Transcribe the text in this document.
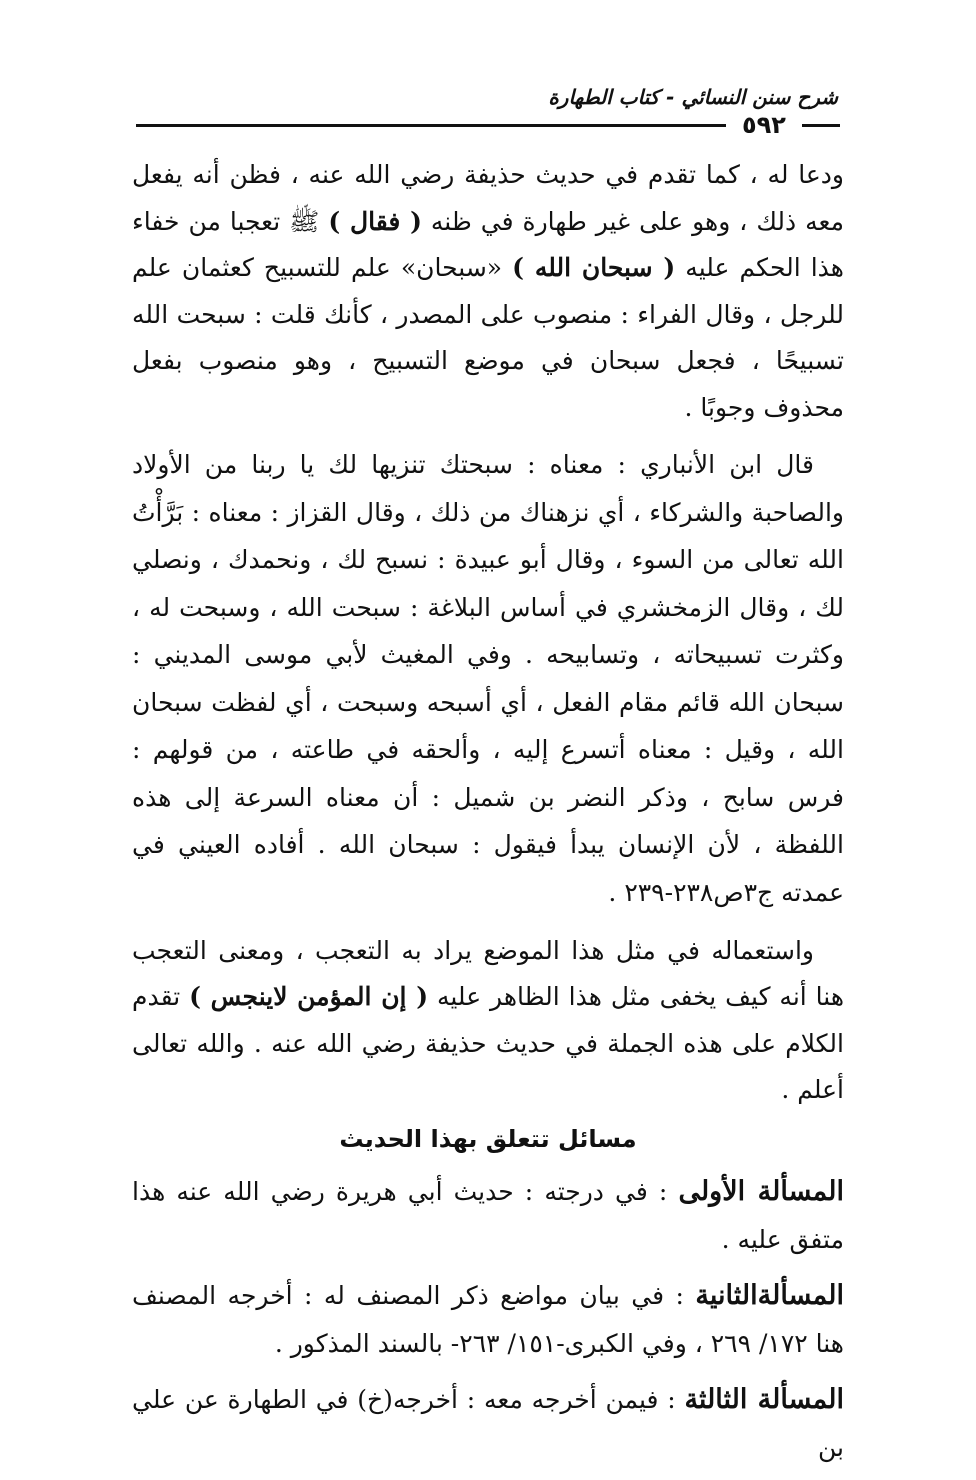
شرح سنن النسائي - كتاب الطهارة
٥٩٢

ودعا له ، كما تقدم في حديث حذيفة رضي الله عنه ، فظن أنه يفعل معه ذلك ، وهو على غير طهارة في ظنه ( فقال ) ﷺ تعجبا من خفاء هذا الحكم عليه ( سبحان الله ) «سبحان» علم للتسبيح كعثمان علم للرجل ، وقال الفراء : منصوب على المصدر ، كأنك قلت : سبحت الله تسبيحًا ، فجعل سبحان في موضع التسبيح ، وهو منصوب بفعل محذوف وجوبًا .

قال ابن الأنباري : معناه : سبحتك تنزيها لك يا ربنا من الأولاد والصاحبة والشركاء ، أي نزهناك من ذلك ، وقال القزاز : معناه : بَرَّأْتُ الله تعالى من السوء ، وقال أبو عبيدة : نسبح لك ، ونحمدك ، ونصلي لك ، وقال الزمخشري في أساس البلاغة : سبحت الله ، وسبحت له ، وكثرت تسبيحاته ، وتسابيحه . وفي المغيث لأبي موسى المديني : سبحان الله قائم مقام الفعل ، أي أسبحه وسبحت ، أي لفظت سبحان الله ، وقيل : معناه أتسرع إليه ، وألحقه في طاعته ، من قولهم : فرس سابح ، وذكر النضر بن شميل : أن معناه السرعة إلى هذه اللفظة ، لأن الإنسان يبدأ فيقول : سبحان الله . أفاده العيني في عمدته ج٣ص٢٣٨-٢٣٩ .

واستعماله في مثل هذا الموضع يراد به التعجب ، ومعنى التعجب هنا أنه كيف يخفى مثل هذا الظاهر عليه ( إن المؤمن لاينجس ) تقدم الكلام على هذه الجملة في حديث حذيفة رضي الله عنه . والله تعالى أعلم .

مسائل تتعلق بهذا الحديث

المسألة الأولى : في درجته : حديث أبي هريرة رضي الله عنه هذا متفق عليه .

المسألةالثانية : في بيان مواضع ذكر المصنف له : أخرجه المصنف هنا ١٧٢/ ٢٦٩ ، وفي الكبرى-١٥١/ ٢٦٣- بالسند المذكور .

المسألة الثالثة : فيمن أخرجه معه : أخرجه(خ) في الطهارة عن علي بن
